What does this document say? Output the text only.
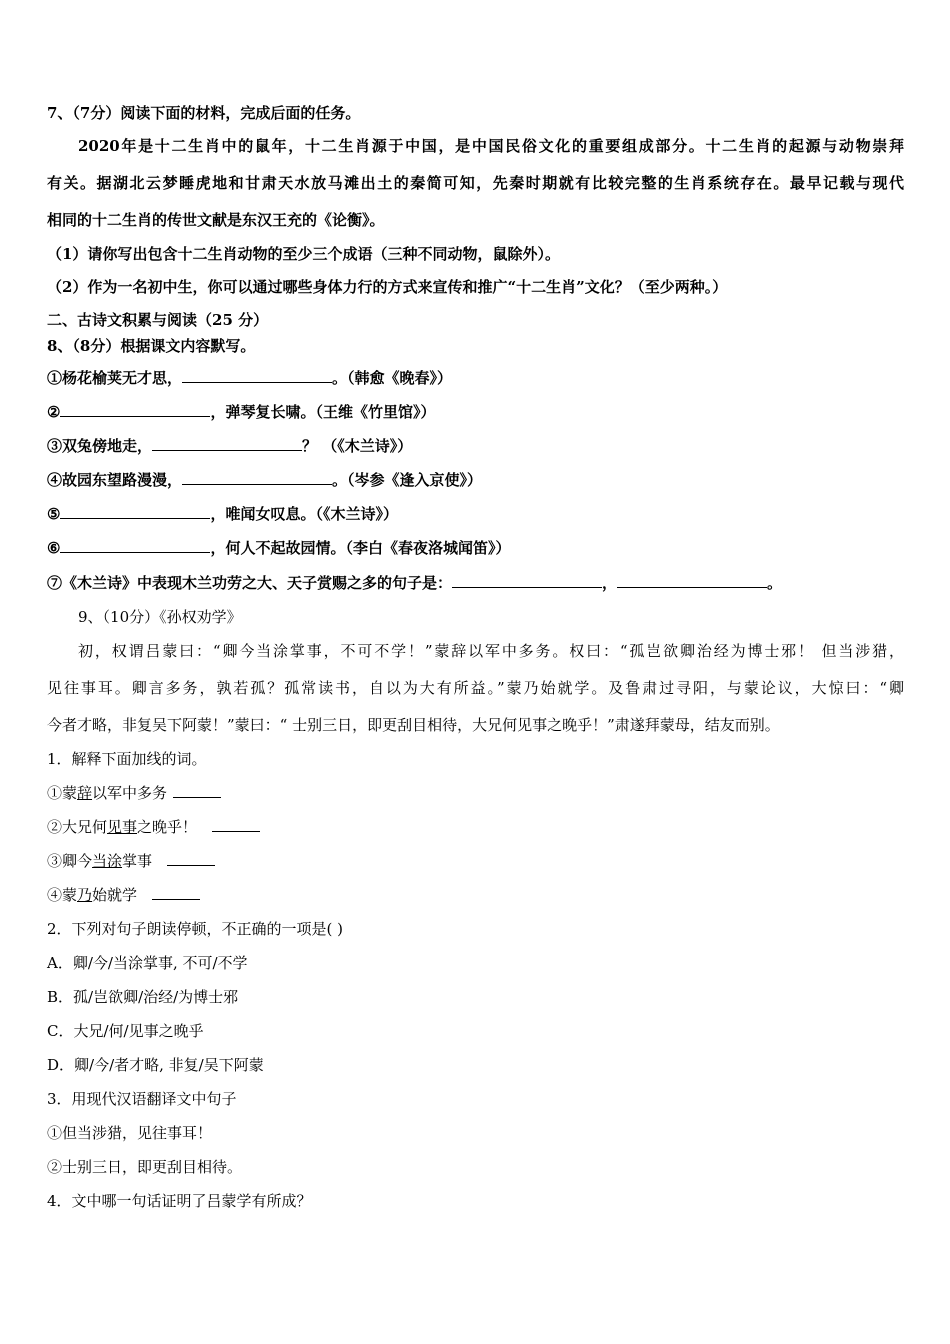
7、（7分）阅读下面的材料，完成后面的任务。
2020年是十二生肖中的鼠年，十二生肖源于中国，是中国民俗文化的重要组成部分。十二生肖的起源与动物崇拜
有关。据湖北云梦睡虎地和甘肃天水放马滩出土的秦简可知，先秦时期就有比较完整的生肖系统存在。最早记载与现代
相同的十二生肖的传世文献是东汉王充的《论衡》。
（1）请你写出包含十二生肖动物的至少三个成语（三种不同动物，鼠除外）。
（2）作为一名初中生，你可以通过哪些身体力行的方式来宣传和推广“十二生肖”文化？（至少两种。）
二、古诗文积累与阅读（25 分）
8、（8分）根据课文内容默写。
①杨花榆荚无才思，	。（韩愈《晚春》）
②	，弹琴复长啸。（王维《竹里馆》）
③双兔傍地走，	？ （《木兰诗》）
④故园东望路漫漫，	。（岑参《逢入京使》）
⑤	，唯闻女叹息。（《木兰诗》）
⑥	，何人不起故园情。（李白《春夜洛城闻笛》）
⑦《木兰诗》中表现木兰功劳之大、天子赏赐之多的句子是：	，	。
9、（10分）《孙权劝学》
初，权谓吕蒙曰：“卿今当涂掌事，不可不学！”蒙辞以军中多务。权曰：“孤岂欲卿治经为博士邪！ 但当涉猎，
见往事耳。卿言多务，孰若孤？孤常读书，自以为大有所益。”蒙乃始就学。及鲁肃过寻阳，与蒙论议，大惊曰：“卿
今者才略，非复吴下阿蒙！”蒙曰：“ 士别三日，即更刮目相待，大兄何见事之晚乎！”肃遂拜蒙母，结友而别。
1．解释下面加线的词。
①蒙辞以军中多务
②大兄何见事之晚乎！
③卿今当涂掌事
④蒙乃始就学
2．下列对句子朗读停顿，不正确的一项是( )
A．卿/今/当涂掌事, 不可/不学
B．孤/岂欲卿/治经/为博士邪
C．大兄/何/见事之晚乎
D．卿/今/者才略, 非复/吴下阿蒙
3．用现代汉语翻译文中句子
①但当涉猎，见往事耳！
②士别三日，即更刮目相待。
4．文中哪一句话证明了吕蒙学有所成？
